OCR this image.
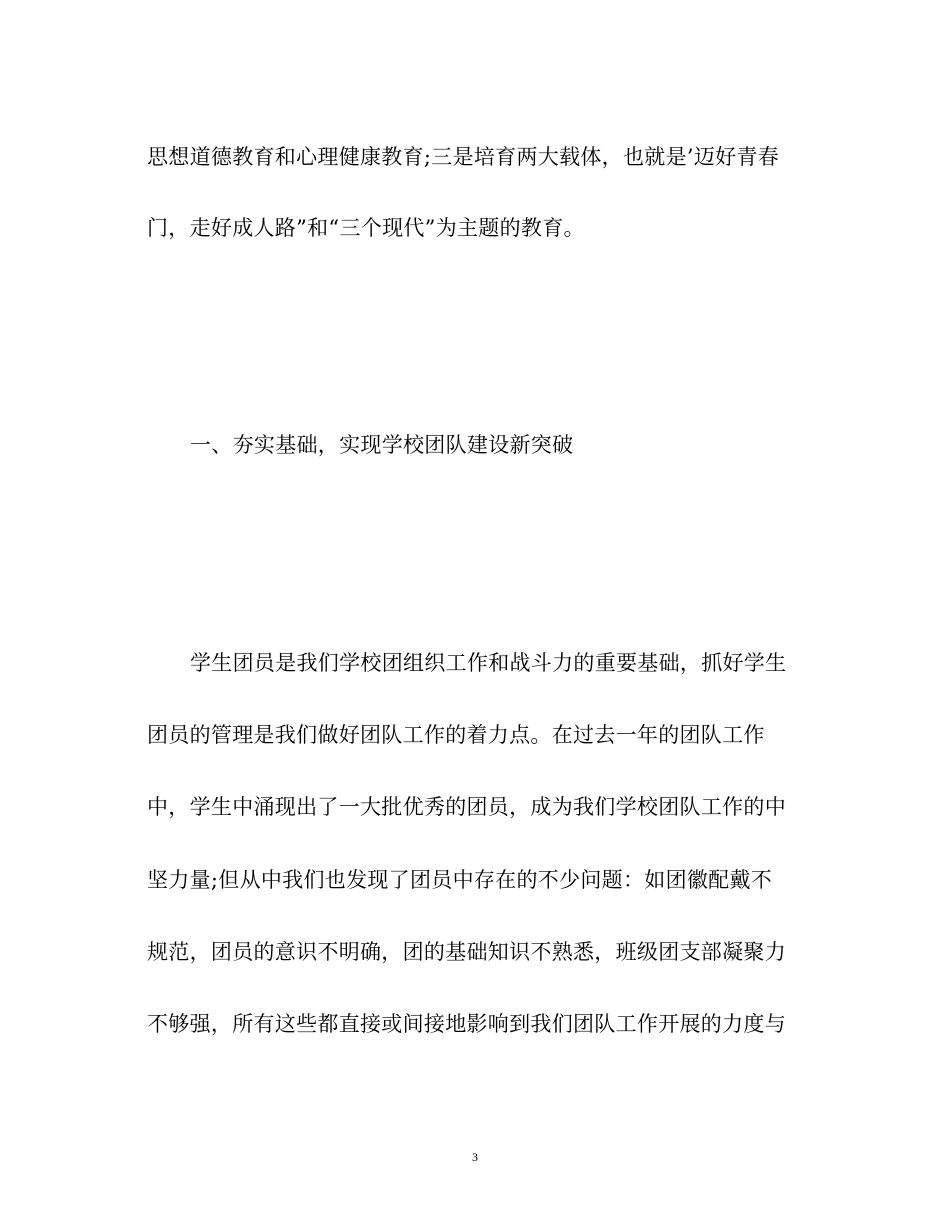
思想道德教育和心理健康教育;三是培育两大载体，也就是’迈好青春
门，走好成人路”和“三个现代”为主题的教育。
一、夯实基础，实现学校团队建设新突破
学生团员是我们学校团组织工作和战斗力的重要基础，抓好学生
团员的管理是我们做好团队工作的着力点。在过去一年的团队工作
中，学生中涌现出了一大批优秀的团员，成为我们学校团队工作的中
坚力量;但从中我们也发现了团员中存在的不少问题：如团徽配戴不
规范，团员的意识不明确，团的基础知识不熟悉，班级团支部凝聚力
不够强，所有这些都直接或间接地影响到我们团队工作开展的力度与
3
